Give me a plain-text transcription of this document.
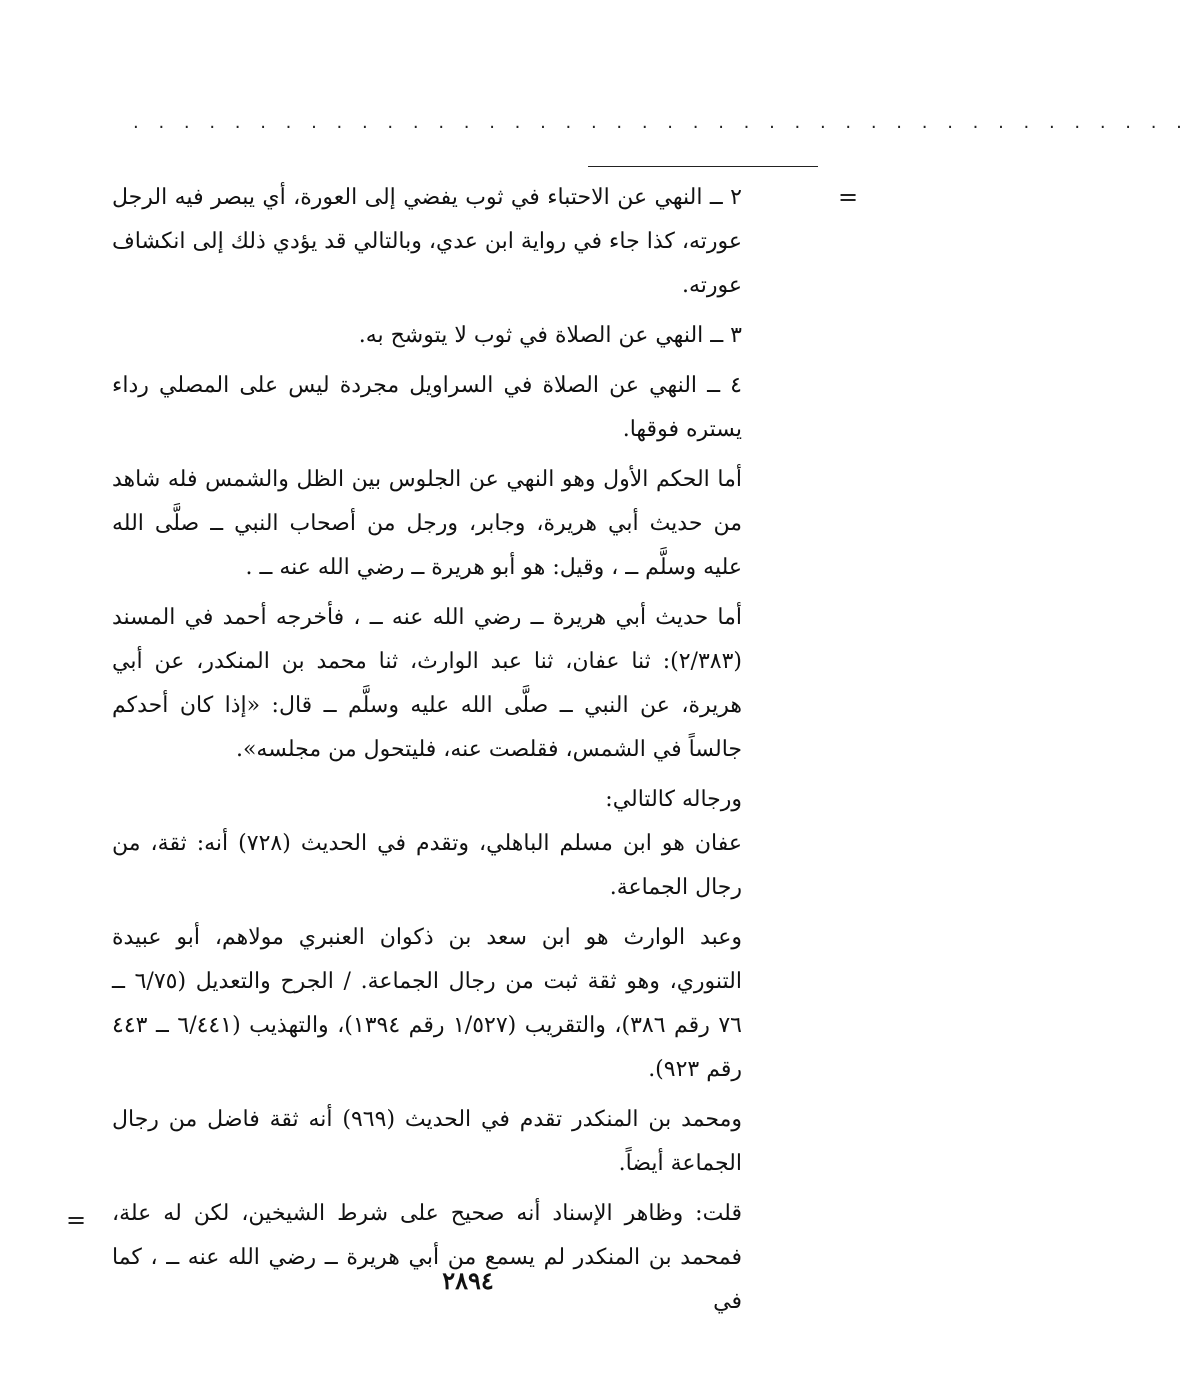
. . . . . . . . . . . . . . . . . . . . . . . . . . . . . . . . . . . . . . . . . .
=

٢ ــ النهي عن الاحتباء في ثوب يفضي إلى العورة، أي يبصر فيه الرجل عورته، كذا جاء في رواية ابن عدي، وبالتالي قد يؤدي ذلك إلى انكشاف عورته.

٣ ــ النهي عن الصلاة في ثوب لا يتوشح به.

٤ ــ النهي عن الصلاة في السراويل مجردة ليس على المصلي رداء يستره فوقها.

أما الحكم الأول وهو النهي عن الجلوس بين الظل والشمس فله شاهد من حديث أبي هريرة، وجابر، ورجل من أصحاب النبي ــ صلَّى الله عليه وسلَّم ــ ، وقيل: هو أبو هريرة ــ رضي الله عنه ــ .

أما حديث أبي هريرة ــ رضي الله عنه ــ ، فأخرجه أحمد في المسند (٢/٣٨٣): ثنا عفان، ثنا عبد الوارث، ثنا محمد بن المنكدر، عن أبي هريرة، عن النبي ــ صلَّى الله عليه وسلَّم ــ قال: «إذا كان أحدكم جالساً في الشمس، فقلصت عنه، فليتحول من مجلسه».

ورجاله كالتالي:

عفان هو ابن مسلم الباهلي، وتقدم في الحديث (٧٢٨) أنه: ثقة، من رجال الجماعة.

وعبد الوارث هو ابن سعد بن ذكوان العنبري مولاهم، أبو عبيدة التنوري، وهو ثقة ثبت من رجال الجماعة. / الجرح والتعديل (٦/٧٥ ــ ٧٦ رقم ٣٨٦)، والتقريب (١/٥٢٧ رقم ١٣٩٤)، والتهذيب (٦/٤٤١ ــ ٤٤٣ رقم ٩٢٣).

ومحمد بن المنكدر تقدم في الحديث (٩٦٩) أنه ثقة فاضل من رجال الجماعة أيضاً.

قلت: وظاهر الإسناد أنه صحيح على شرط الشيخين، لكن له علة، فمحمد بن المنكدر لم يسمع من أبي هريرة ــ رضي الله عنه ــ ، كما في

=
٢٨٩٤
